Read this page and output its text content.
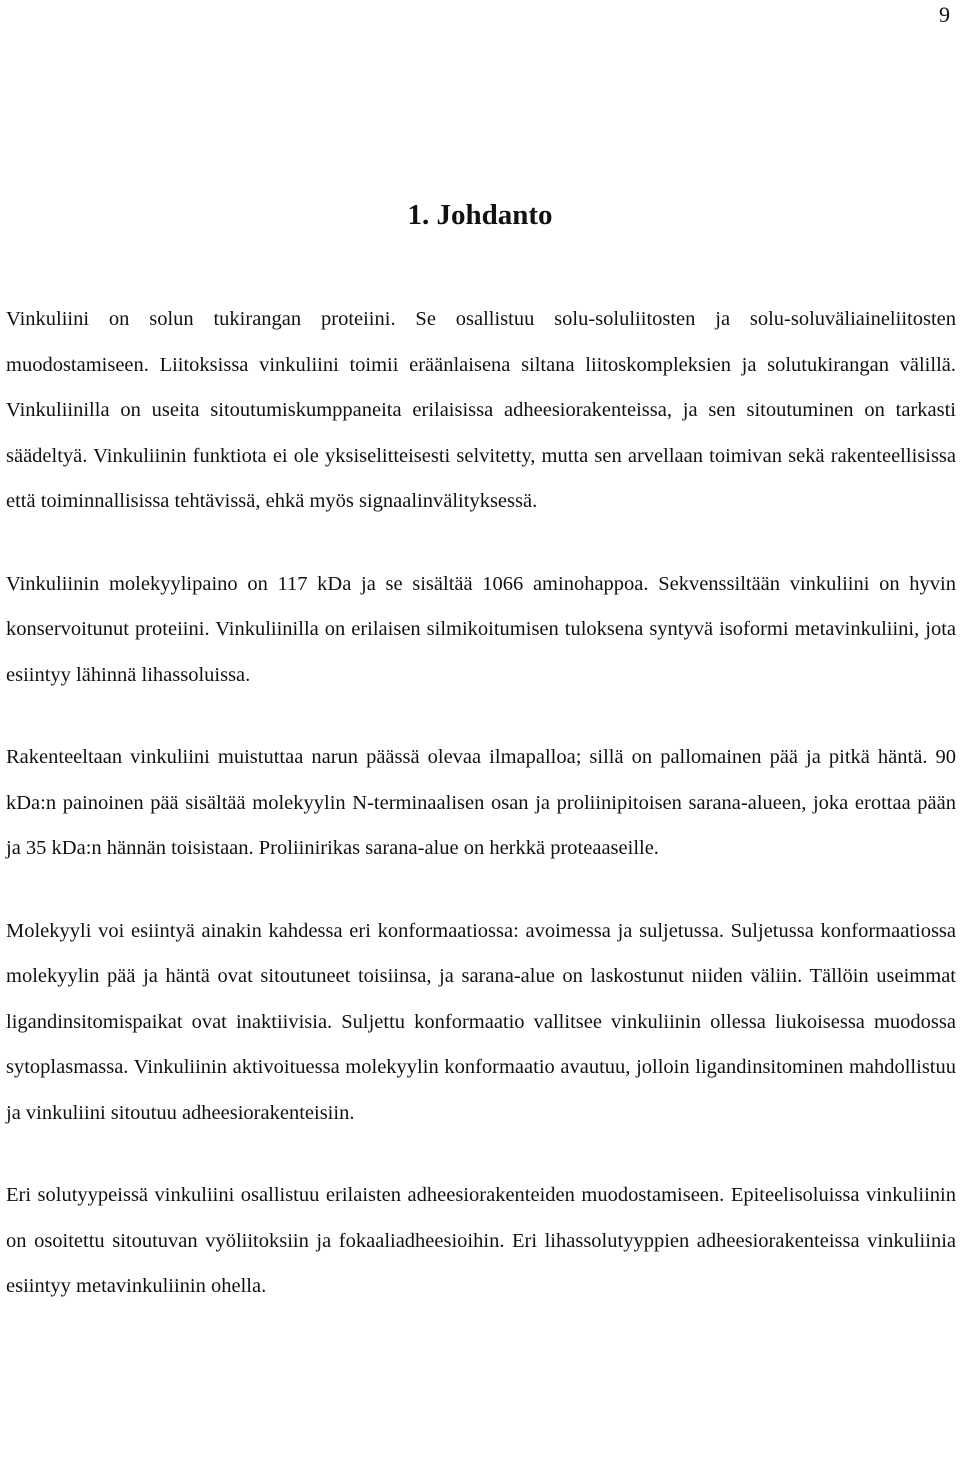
9
1. Johdanto

Vinkuliini on solun tukirangan proteiini. Se osallistuu solu-soluliitosten ja solu-soluväliaineliitosten muodostamiseen. Liitoksissa vinkuliini toimii eräänlaisena siltana liitoskompleksien ja solutukirangan välillä. Vinkuliinilla on useita sitoutumiskumppaneita erilaisissa adheesiorakenteissa, ja sen sitoutuminen on tarkasti säädeltyä. Vinkuliinin funktiota ei ole yksiselitteisesti selvitetty, mutta sen arvellaan toimivan sekä rakenteellisissa että toiminnallisissa tehtävissä, ehkä myös signaalinvälityksessä.

Vinkuliinin molekyylipaino on 117 kDa ja se sisältää 1066 aminohappoa. Sekvenssiltään vinkuliini on hyvin konservoitunut proteiini. Vinkuliinilla on erilaisen silmikoitumisen tuloksena syntyvä isoformi metavinkuliini, jota esiintyy lähinnä lihassoluissa.

Rakenteeltaan vinkuliini muistuttaa narun päässä olevaa ilmapalloa; sillä on pallomainen pää ja pitkä häntä. 90 kDa:n painoinen pää sisältää molekyylin N-terminaalisen osan ja proliinipitoisen sarana-alueen, joka erottaa pään ja 35 kDa:n hännän toisistaan. Proliinirikas sarana-alue on herkkä proteaaseille.

Molekyyli voi esiintyä ainakin kahdessa eri konformaatiossa: avoimessa ja suljetussa. Suljetussa konformaatiossa molekyylin pää ja häntä ovat sitoutuneet toisiinsa, ja sarana-alue on laskostunut niiden väliin. Tällöin useimmat ligandinsitomispaikat ovat inaktiivisia. Suljettu konformaatio vallitsee vinkuliinin ollessa liukoisessa muodossa sytoplasmassa. Vinkuliinin aktivoituessa molekyylin konformaatio avautuu, jolloin ligandinsitominen mahdollistuu ja vinkuliini sitoutuu adheesiorakenteisiin.

Eri solutyypeissä vinkuliini osallistuu erilaisten adheesiorakenteiden muodostamiseen. Epiteelisoluissa vinkuliinin on osoitettu sitoutuvan vyöliitoksiin ja fokaaliadheesioihin. Eri lihassolutyyppien adheesiorakenteissa vinkuliinia esiintyy metavinkuliinin ohella.
